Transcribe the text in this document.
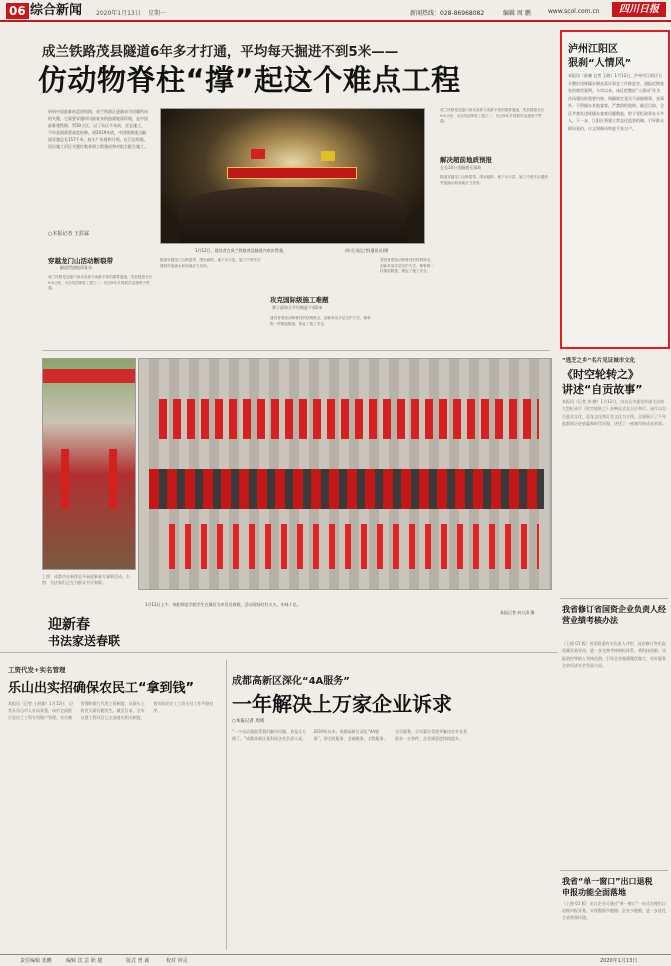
06 综合新闻 2020年1月13日 星期一	新闻热线：028-86968082	编辑 周 鹏	www.scol.com.cn	四川日报
成兰铁路茂县隧道6年多才打通，平均每天掘进不到5米——
仿动物脊柱“撑”起这个难点工程
资料中国最难的盘道线路，成兰铁路正逐渐成为问题所向的关键，它需要穿越四川最复杂的造就地质环境，是中国最难建铁路；贯30小区，以丁东区多年前，还在施工，不经意间需要高度检修。到2019年底，中国铁路重点隧道穿越总长157千米，较丰广东建和开颅。在江边坍塌，而出施工层区关键位数拿到工程建成和对组合配合施工。
○本报记者 王眉霖
1月12日，建设者在成兰铁路茂县隧道内欢庆贯通。	四川日报记者(通讯员)摄
穿越龙门山活动断裂带
隧道贯通地质复杂
成兰铁路是连接川西北高原与成都平原的重要通道，茂县隧道全长9.8公里，为全线控制性工程之一，经过6年多的艰苦奋战终于贯通。
攻克国际级施工难题
掌子面每天平均掘进不到5米
隧道穿越龙门山断裂带，围岩破碎，地下水丰富，施工中曾多次遇到突泥涌水和高地应力变形。
建设者借鉴动物脊柱的结构特点，创新采用多层支护方式，像脊椎一样撑起隧道，保证了施工安全。
解决超前地质预报
全长14公里隧道无事故
成兰铁路是连接川西北高原与成都平原的重要通道，茂县隧道全长9.8公里，为全线控制性工程之一，经过6年多的艰苦奋战终于贯通。
隧道穿越龙门山断裂带，围岩破碎，地下水丰富，施工中曾多次遇到突泥涌水和高地应力变形。
建设者借鉴动物脊柱的结构特点，创新采用多层支护方式，像脊椎一样撑起隧道，保证了施工安全。
泸州江阳区
狠刹“人情风”
本报讯（陈鹏 记者 王晓）1月12日，泸州市江阳区召开整治违规操办婚丧喜庆事宜工作推进会，通报近期查处的典型案例。今年以来，该区把整治“人情风”作为作风建设的重要内容，明确规定党员干部除婚事、丧事外，不得操办其他宴席，严禁借机敛财。截至目前，全区共查处违规操办宴席问题数起，给予党纪政务处分多人。下一步，江阳区将建立常态化监督机制，引导群众移风易俗，让文明新风吹进千家万户。
上图：成都市在新津县开展迎新春写春联活动。右图：书法家们正在为群众书写春联。
迎新春
书法家送春联
1月12日上午，绵阳师范学院学生在城区为市民送春联，活动现场红红火火、年味十足。
本报记者 何万清 摄
“逃芝之乡”名片见证城市文化
《时空轮转之》
讲述“自贡故事”
本报讯（记者 余 鹏）1月12日，由自贡市委宣传部主办的大型纪录片《时空轮转之》首映仪式在自贡举行。该片以自贡盐业文化、恐龙文化和灯会文化为主线，全面展示了千年盐都的历史底蕴和时代风貌，讲述了一座城市的成长故事。
我省修订省国资企业负责人经营业绩考核办法
（上接 01 版）省国资委有关负责人介绍，此次修订突出高质量发展导向，进一步完善考核指标体系，将科技创新、风险防控等纳入考核范围，引导企业做强做优做大，更好服务全省经济社会发展大局。
我省“单一窗口”出口退税
申报功能全面落地
（上接 01 版）出口企业可通过“单一窗口”一站式办理出口退税申报业务，实现数据多跑路、企业少跑腿，进一步优化全省营商环境。
工资代发+实名管理
乐山出实招确保农民工“拿到钱”
本报讯（记者 王眉霖）1月12日，记者从乐山市人社局获悉，该市全面推行农民工工资专用账户管理、实名制管理和银行代发工资制度，从源头上防范欠薪问题发生。截至目前，全市在建工程项目已全部落实相关制度，春节前农民工工资支付工作平稳有序。
成都高新区深化“4A服务”
一年解决上万家企业诉求
○本报记者 周密
“一个电话就能帮我们解决问题，真是太方便了。”成都高新区某科技企业负责人说。2019年以来，成都高新区深化“4A服务”，即全时服务、全域服务、全程服务、全员服务，全年累计受理并解决企业各类诉求一万余件，企业满意度持续提升。
责任编辑 张鹏	编辑 沈 芸 耿 捷	版式 曾 诚	校对 钟灵	2020年1月13日
